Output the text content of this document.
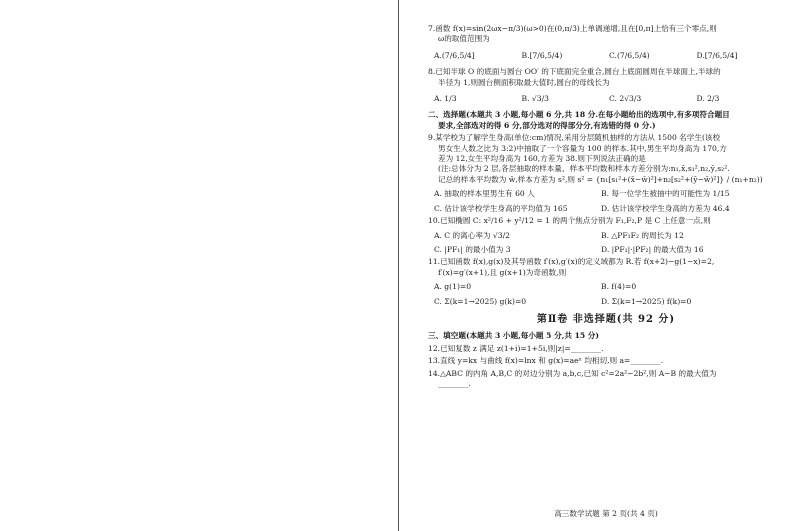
7.函数 f(x)=sin(2ωx−π/3)(ω>0)在(0,π/3)上单调递增,且在[0,π]上恰有三个零点,则
ω的取值范围为
A.(7/6,5/4]	B.[7/6,5/4)	C.(7/6,5/4)	D.[7/6,5/4]
8.已知半球 O 的底面与圆台 OO′ 的下底面完全重合,圆台上底面圆周在半球面上,半球的
半径为 1,则圆台侧面积取最大值时,圆台的母线长为
A. 1/3	B. √3/3	C. 2√3/3	D. 2/3
二、选择题(本题共 3 小题,每小题 6 分,共 18 分.在每小题给出的选项中,有多项符合题目
要求,全部选对的得 6 分,部分选对的得部分分,有选错的得 0 分.)
9.某学校为了解学生身高(单位:cm)情况,采用分层随机抽样的方法从 1500 名学生(该校
男女生人数之比为 3:2)中抽取了一个容量为 100 的样本.其中,男生平均身高为 170,方
差为 12,女生平均身高为 160,方差为 38.则下列说法正确的是
(注:总体分为 2 层,各层抽取的样本量、样本平均数和样本方差分别为:n₁,x̄,s₁²,n₂,ȳ,s₂².
记总的样本平均数为 w̄,样本方差为 s²,则 s² = {n₁[s₁²+(x̄−w̄)²]+n₂[s₂²+(ȳ−w̄)²]} / (n₁+n₂))
A. 抽取的样本里男生有 60 人	B. 每一位学生被抽中的可能性为 1/15
C. 估计该学校学生身高的平均值为 165	D. 估计该学校学生身高的方差为 46.4
10.已知椭圆 C: x²/16 + y²/12 = 1 的两个焦点分别为 F₁,F₂,P 是 C 上任意一点,则
A. C 的离心率为 √3/2	B. △PF₁F₂ 的周长为 12
C. |PF₁| 的最小值为 3	D. |PF₁|·|PF₂| 的最大值为 16
11.已知函数 f(x),g(x)及其导函数 f′(x),g′(x)的定义域都为 R.若 f(x+2)−g(1−x)=2,
f′(x)=g′(x+1),且 g(x+1)为奇函数,则
A. g(1)=0	B. f(4)=0
C. Σ(k=1→2025) g(k)=0	D. Σ(k=1→2025) f(k)=0
第Ⅱ卷 非选择题(共 92 分)
三、填空题(本题共 3 小题,每小题 5 分,共 15 分)
12.已知复数 z 满足 z(1+i)=1+5i,则|z|=________.
13.直线 y=kx 与曲线 f(x)=lnx 和 g(x)=aeˣ 均相切,则 a=________.
14.△ABC 的内角 A,B,C 的对边分别为 a,b,c,已知 c²=2a²−2b²,则 A−B 的最大值为
________.
高三数学试题 第 2 页(共 4 页)
